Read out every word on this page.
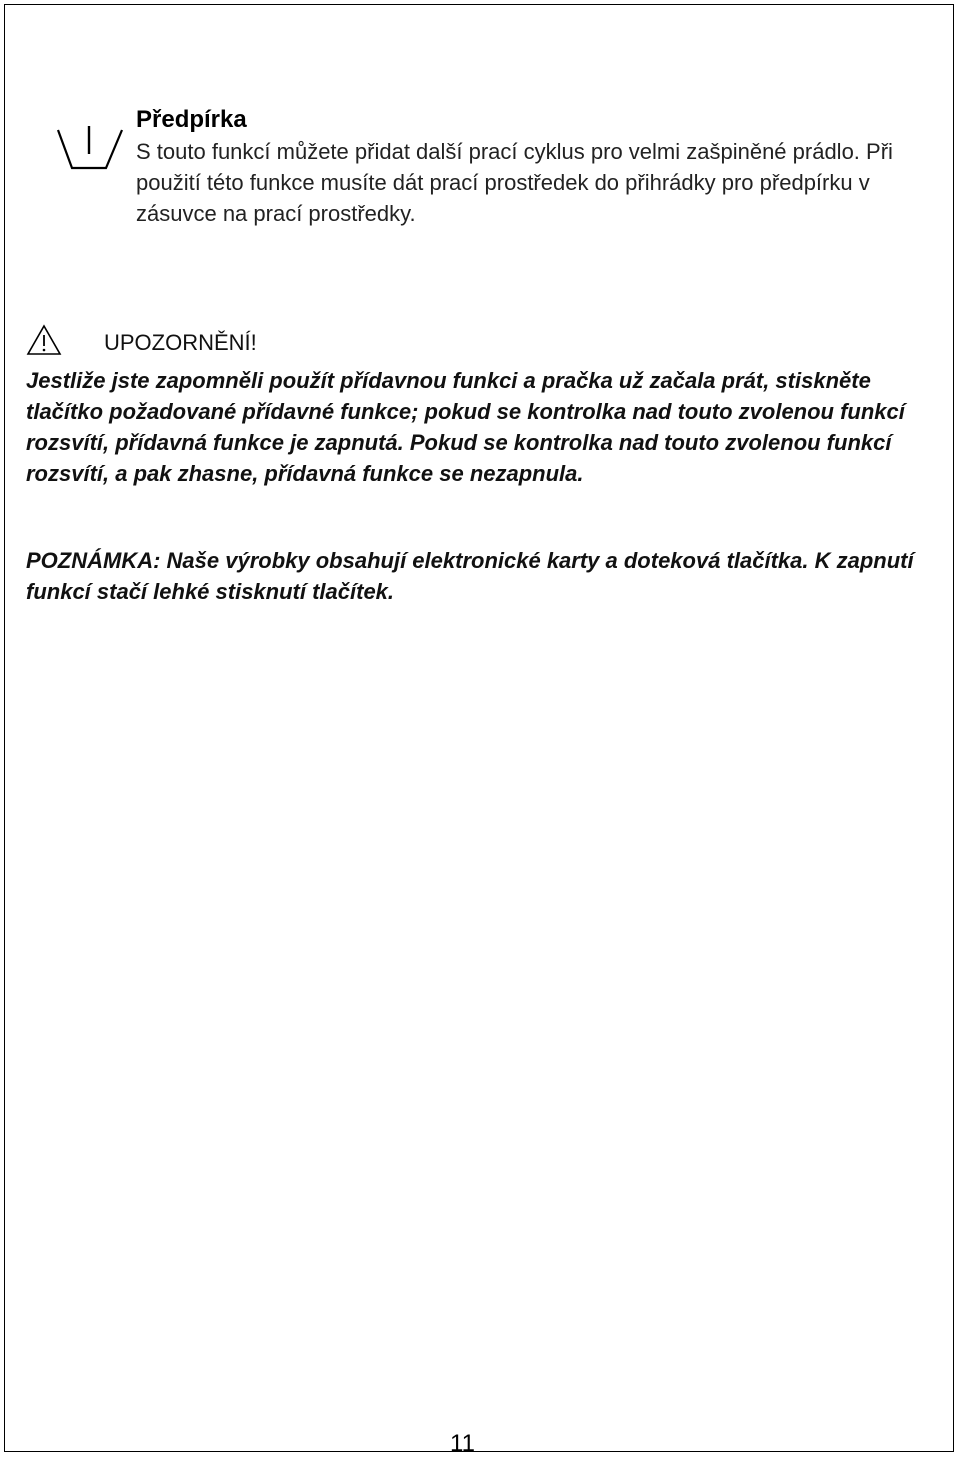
Předpírka

S touto funkcí můžete přidat další prací cyklus pro velmi zašpiněné prádlo. Při použití této funkce musíte dát prací prostředek do přihrádky pro předpírku v zásuvce na prací prostředky.

UPOZORNĚNÍ!

Jestliže jste zapomněli použít přídavnou funkci a pračka už začala prát, stiskněte tlačítko požadované přídavné funkce; pokud se kontrolka nad touto zvolenou funkcí rozsvítí, přídavná funkce je zapnutá. Pokud se kontrolka nad touto zvolenou funkcí rozsvítí, a pak zhasne, přídavná funkce se nezapnula.

POZNÁMKA: Naše výrobky obsahují elektronické karty a doteková tlačítka. K zapnutí funkcí stačí lehké stisknutí tlačítek.

11
